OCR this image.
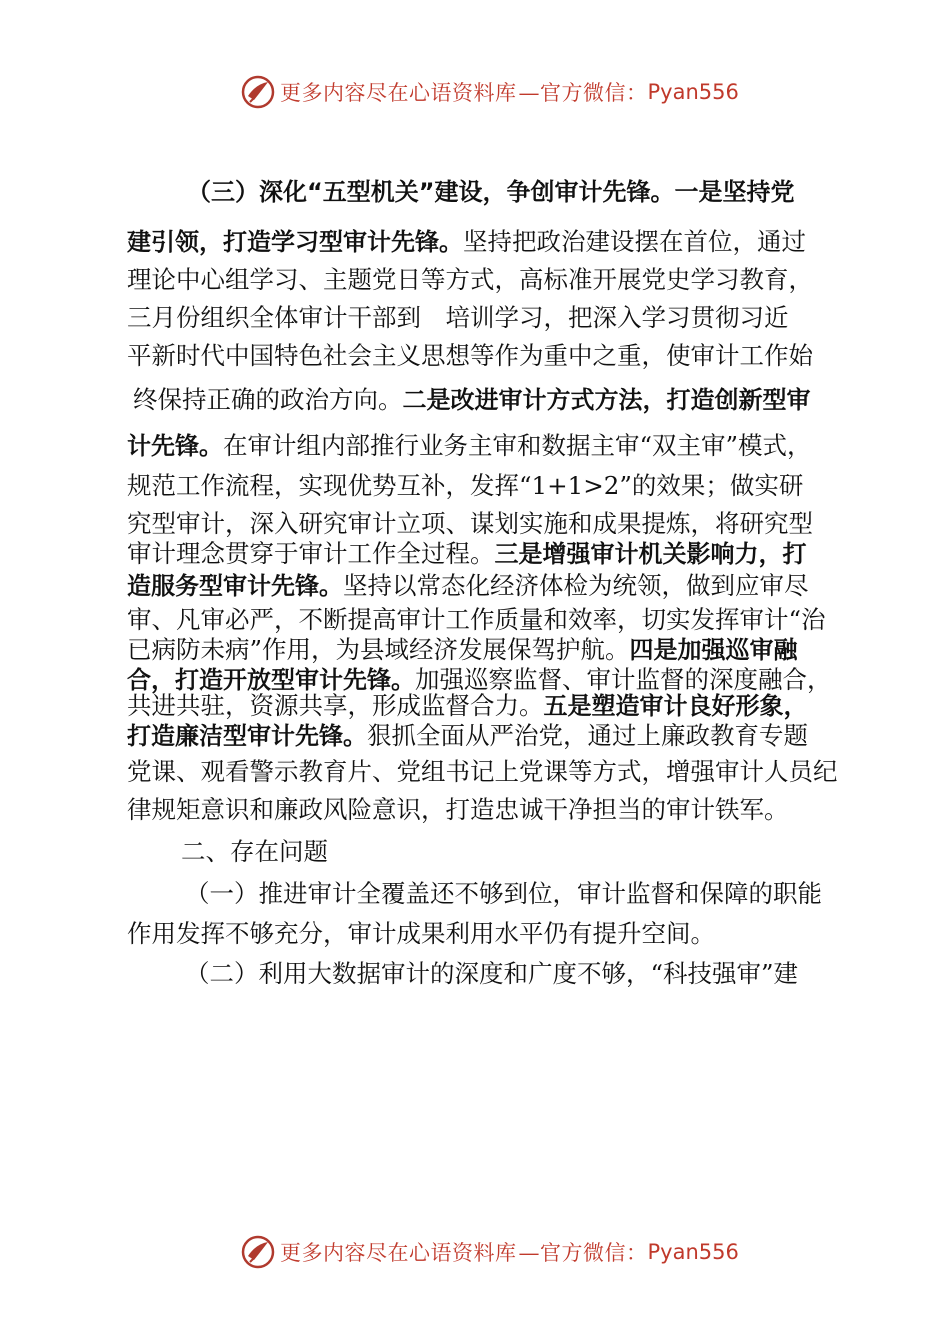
更多内容尽在心语资料库 —官方微信： Pyan556
（三）深化“五型机关”建设，争创审计先锋。一是坚持党
建引领，打造学习型审计先锋。坚持把政治建设摆在首位，通过
理论中心组学习、主题党日等方式，高标准开展党史学习教育，
三月份组织全体审计干部到　培训学习，把深入学习贯彻习近
平新时代中国特色社会主义思想等作为重中之重，使审计工作始
终保持正确的政治方向。二是改进审计方式方法，打造创新型审
计先锋。在审计组内部推行业务主审和数据主审“双主审”模式，
规范工作流程，实现优势互补，发挥“1+1>2”的效果；做实研
究型审计，深入研究审计立项、谋划实施和成果提炼，将研究型
审计理念贯穿于审计工作全过程。三是增强审计机关影响力，打
造服务型审计先锋。坚持以常态化经济体检为统领，做到应审尽
审、凡审必严，不断提高审计工作质量和效率，切实发挥审计“治
已病防未病”作用，为县域经济发展保驾护航。四是加强巡审融
合，打造开放型审计先锋。加强巡察监督、审计监督的深度融合，
共进共驻，资源共享，形成监督合力。五是塑造审计良好形象，
打造廉洁型审计先锋。狠抓全面从严治党，通过上廉政教育专题
党课、观看警示教育片、党组书记上党课等方式，增强审计人员纪
律规矩意识和廉政风险意识，打造忠诚干净担当的审计铁军。
二、存在问题
（一）推进审计全覆盖还不够到位，审计监督和保障的职能
作用发挥不够充分，审计成果利用水平仍有提升空间。
（二）利用大数据审计的深度和广度不够，“科技强审”建
更多内容尽在心语资料库 —官方微信： Pyan556
